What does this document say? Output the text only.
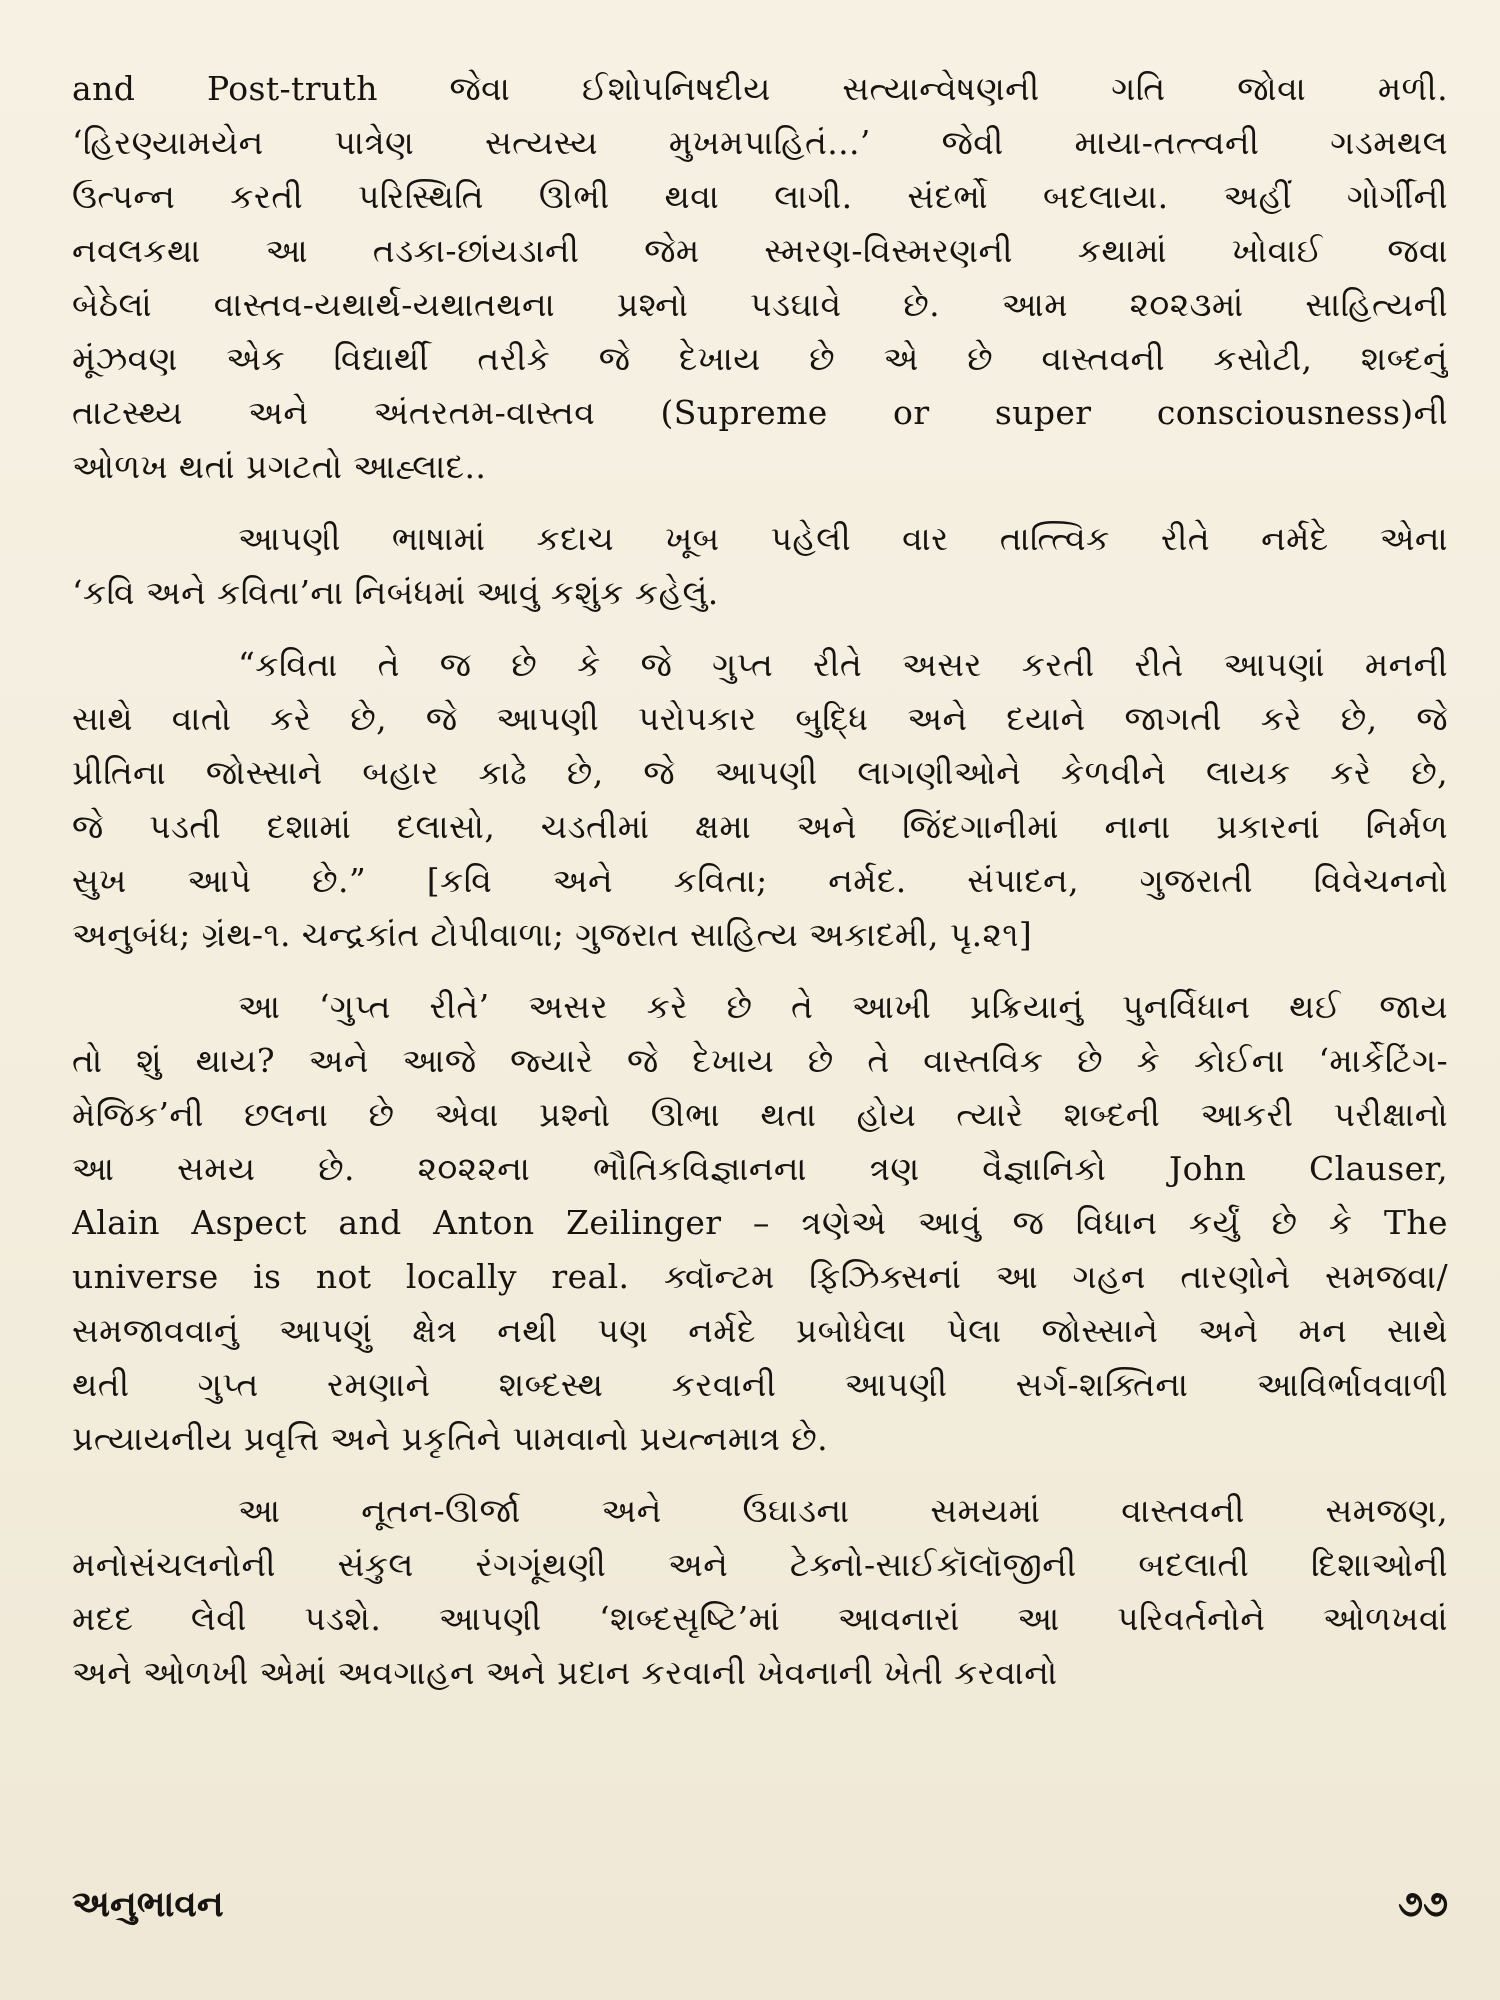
and Post-truth જેવા ઈશોપનિષદીય સત્યાન્વેષણની ગતિ જોવા મળી.
‘હિરણ્યામયેન પાત્રેણ સત્યસ્ય મુખમપાહિતં...’ જેવી માયા-તત્ત્વની ગડમથલ
ઉત્પન્ન કરતી પરિસ્થિતિ ઊભી થવા લાગી. સંદર્ભો બદલાયા. અહીં ગોર્ગીની
નવલકથા આ તડકા-છાંયડાની જેમ સ્મરણ-વિસ્મરણની કથામાં ખોવાઈ જવા
બેઠેલાં વાસ્તવ-યથાર્થ-યથાતથના પ્રશ્નો પડઘાવે છે. આમ ૨૦૨૩માં સાહિત્યની
મૂંઝવણ એક વિદ્યાર્થી તરીકે જે દેખાય છે એ છે વાસ્તવની કસોટી, શબ્દનું
તાટસ્થ્ય અને અંતરતમ-વાસ્તવ (Supreme or super consciousness)ની
ઓળખ થતાં પ્રગટતો આહ્લાદ..
આપણી ભાષામાં કદાચ ખૂબ પહેલી વાર તાત્ત્વિક રીતે નર્મદે એના
‘કવિ અને કવિતા’ના નિબંધમાં આવું કશુંક કહેલું.
“કવિતા તે જ છે કે જે ગુપ્ત રીતે અસર કરતી રીતે આપણાં મનની
સાથે વાતો કરે છે, જે આપણી પરોપકાર બુદ્ધિ અને દયાને જાગતી કરે છે, જે
પ્રીતિના જોસ્સાને બહાર કાઢે છે, જે આપણી લાગણીઓને કેળવીને લાયક કરે છે,
જે પડતી દશામાં દલાસો, ચડતીમાં ક્ષમા અને જિંદગાનીમાં નાના પ્રકારનાં નિર્મળ
સુખ આપે છે.” [કવિ અને કવિતા; નર્મદ. સંપાદન, ગુજરાતી વિવેચનનો
અનુબંધ; ગ્રંથ-૧. ચન્દ્રકાંત ટોપીવાળા; ગુજરાત સાહિત્ય અકાદમી, પૃ.૨૧]
આ ‘ગુપ્ત રીતે’ અસર કરે છે તે આખી પ્રક્રિયાનું પુનર્વિધાન થઈ જાય
તો શું થાય? અને આજે જ્યારે જે દેખાય છે તે વાસ્તવિક છે કે કોઈના ‘માર્કેટિંગ-
મેજિક’ની છલના છે એવા પ્રશ્નો ઊભા થતા હોય ત્યારે શબ્દની આકરી પરીક્ષાનો
આ સમય છે. ૨૦૨૨ના ભૌતિકવિજ્ઞાનના ત્રણ વૈજ્ઞાનિકો John Clauser,
Alain Aspect and Anton Zeilinger – ત્રણેએ આવું જ વિધાન કર્યું છે કે The
universe is not locally real. ક્વૉન્ટમ ફિઝિક્સનાં આ ગહન તારણોને સમજવા/
સમજાવવાનું આપણું ક્ષેત્ર નથી પણ નર્મદે પ્રબોધેલા પેલા જોસ્સાને અને મન સાથે
થતી ગુપ્ત રમણાને શબ્દસ્થ કરવાની આપણી સર્ગ-શક્તિના આવિર્ભાવવાળી
પ્રત્યાયનીય પ્રવૃત્તિ અને પ્રકૃતિને પામવાનો પ્રયત્નમાત્ર છે.
આ નૂતન-ઊર્જા અને ઉઘાડના સમયમાં વાસ્તવની સમજણ,
મનોસંચલનોની સંકુલ રંગગૂંથણી અને ટેક્નો-સાઈકૉલૉજીની બદલાતી દિશાઓની
મદદ લેવી પડશે. આપણી ‘શબ્દસૃષ્ટિ’માં આવનારાં આ પરિવર્તનોને ઓળખવાં
અને ઓળખી એમાં અવગાહન અને પ્રદાન કરવાની ખેવનાની ખેતી કરવાનો
અનુભાવન	૭૭
